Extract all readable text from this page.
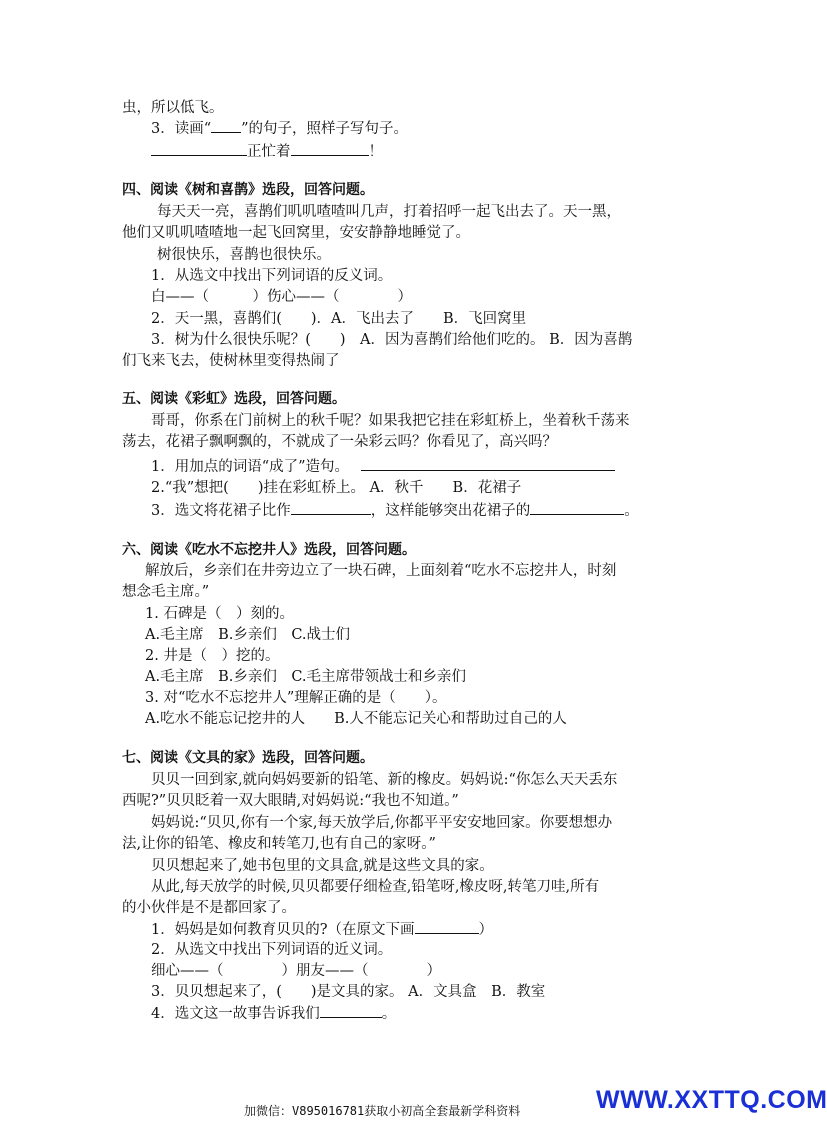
虫，所以低飞。
3．读画“ ”的句子，照样子写句子。
正忙着	！
四、阅读《树和喜鹊》选段，回答问题。
每天天一亮，喜鹊们叽叽喳喳叫几声，打着招呼一起飞出去了。天一黑，
他们又叽叽喳喳地一起飞回窝里，安安静静地睡觉了。
树很快乐，喜鹊也很快乐。
1．从选文中找出下列词语的反义词。
白——（　　　）伤心——（　　　　）
2．天一黑，喜鹊们(　　)．A．飞出去了　　B．飞回窝里
3．树为什么很快乐呢？(　　)　A．因为喜鹊们给他们吃的。 B．因为喜鹊
们飞来飞去，使树林里变得热闹了
五、阅读《彩虹》选段，回答问题。
哥哥，你系在门前树上的秋千呢？如果我把它挂在彩虹桥上，坐着秋千荡来
荡去，花裙子飘啊飘的，不就成了一朵彩云吗？你看见了，高兴吗？
1．用加点的词语“成了”造句。
2.“我”想把(　　)挂在彩虹桥上。 A．秋千　　B．花裙子
3．选文将花裙子比作	，这样能够突出花裙子的	。
六、阅读《吃水不忘挖井人》选段，回答问题。
解放后，乡亲们在井旁边立了一块石碑，上面刻着“吃水不忘挖井人，时刻
想念毛主席。”
1. 石碑是（　）刻的。
A.毛主席　B.乡亲们　C.战士们
2. 井是（　）挖的。
A.毛主席　B.乡亲们　C.毛主席带领战士和乡亲们
3. 对“吃水不忘挖井人”理解正确的是（　　）。
A.吃水不能忘记挖井的人　　B.人不能忘记关心和帮助过自己的人
七、阅读《文具的家》选段，回答问题。
贝贝一回到家,就向妈妈要新的铅笔、新的橡皮。妈妈说:“你怎么天天丢东
西呢?”贝贝眨着一双大眼睛,对妈妈说:“我也不知道。”
妈妈说:“贝贝,你有一个家,每天放学后,你都平平安安地回家。你要想想办
法,让你的铅笔、橡皮和转笔刀,也有自己的家呀。”
贝贝想起来了,她书包里的文具盒,就是这些文具的家。
从此,每天放学的时候,贝贝都要仔细检查,铅笔呀,橡皮呀,转笔刀哇,所有
的小伙伴是不是都回家了。
1．妈妈是如何教育贝贝的?（在原文下画	）
2．从选文中找出下列词语的近义词。
细心——（　　　　）朋友——（　　　　）
3．贝贝想起来了，(　　)是文具的家。 A．文具盒　B．教室
4．选文这一故事告诉我们	。
加微信：V895016781获取小初高全套最新学科资料	WWW.XXTTQ.COM
